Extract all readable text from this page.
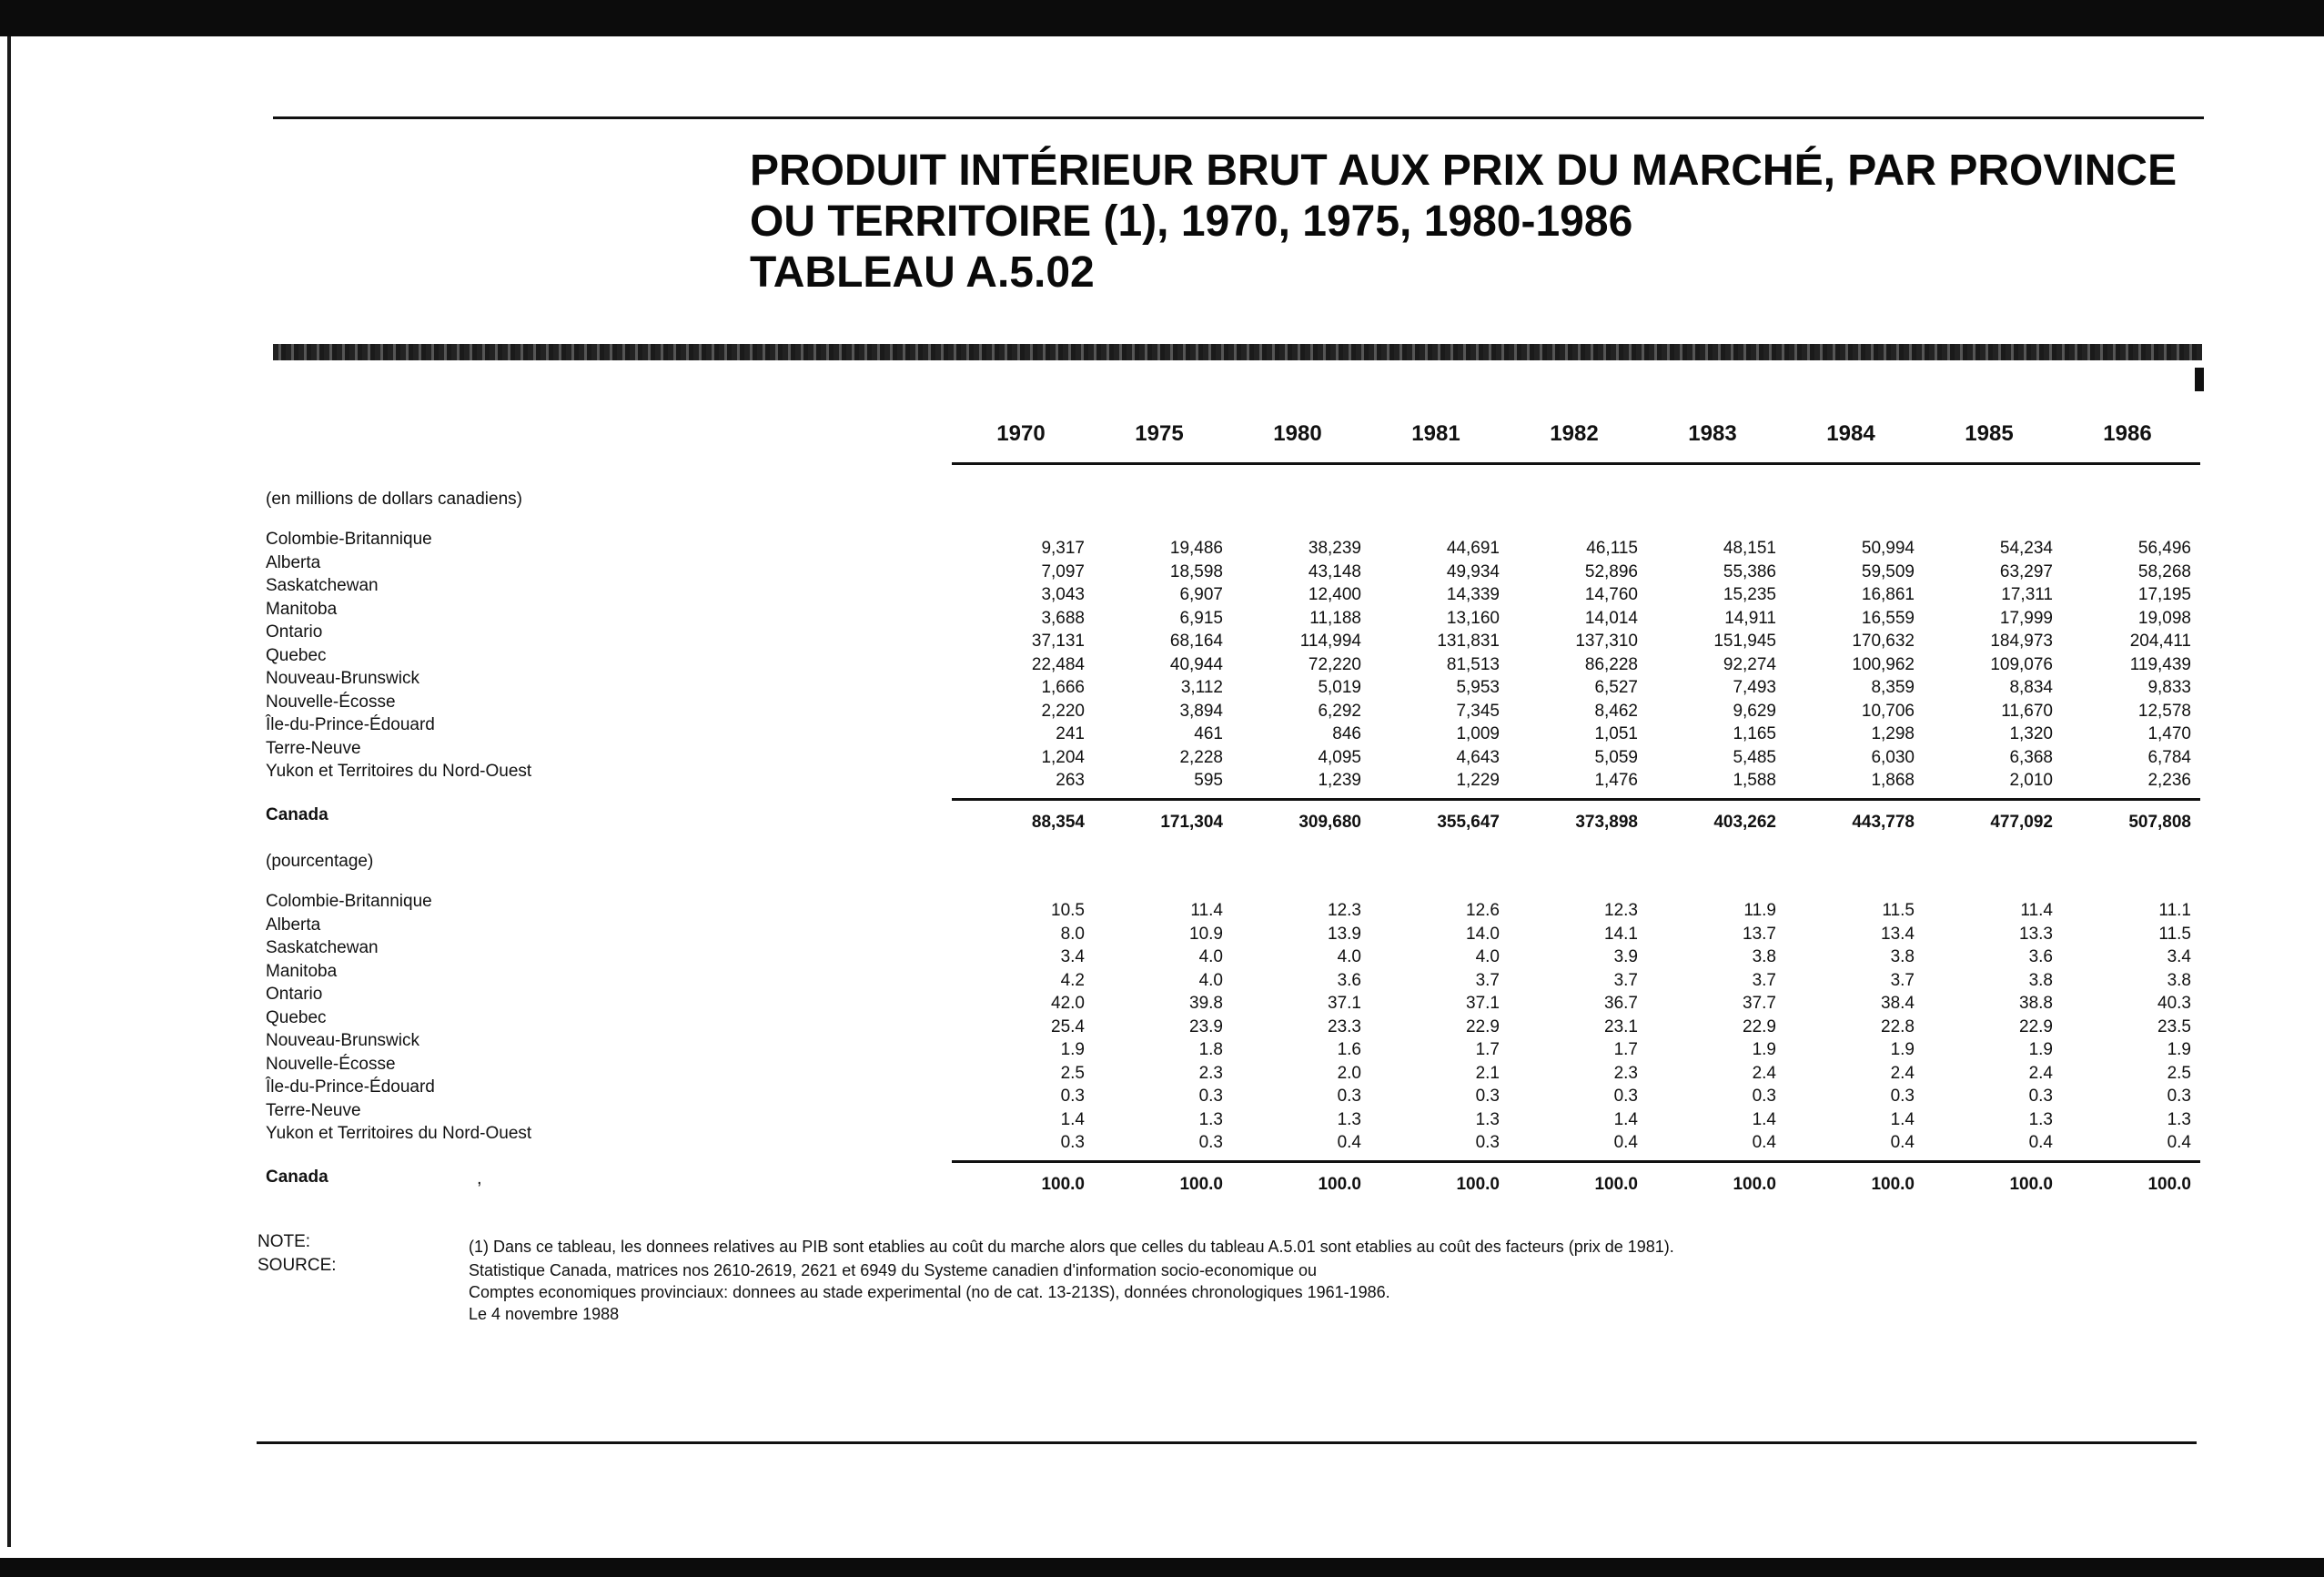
PRODUIT INTÉRIEUR BRUT AUX PRIX DU MARCHÉ, PAR PROVINCE
OU TERRITOIRE (1), 1970, 1975, 1980-1986
TABLEAU A.5.02
1970	1975	1980	1981	1982	1983	1984	1985	1986
(en millions de dollars canadiens)
Colombie-Britannique	9,317	19,486	38,239	44,691	46,115	48,151	50,994	54,234	56,496
Alberta	7,097	18,598	43,148	49,934	52,896	55,386	59,509	63,297	58,268
Saskatchewan	3,043	6,907	12,400	14,339	14,760	15,235	16,861	17,311	17,195
Manitoba	3,688	6,915	11,188	13,160	14,014	14,911	16,559	17,999	19,098
Ontario	37,131	68,164	114,994	131,831	137,310	151,945	170,632	184,973	204,411
Quebec	22,484	40,944	72,220	81,513	86,228	92,274	100,962	109,076	119,439
Nouveau-Brunswick	1,666	3,112	5,019	5,953	6,527	7,493	8,359	8,834	9,833
Nouvelle-Écosse	2,220	3,894	6,292	7,345	8,462	9,629	10,706	11,670	12,578
Île-du-Prince-Édouard	241	461	846	1,009	1,051	1,165	1,298	1,320	1,470
Terre-Neuve	1,204	2,228	4,095	4,643	5,059	5,485	6,030	6,368	6,784
Yukon et Territoires du Nord-Ouest	263	595	1,239	1,229	1,476	1,588	1,868	2,010	2,236
Canada	88,354	171,304	309,680	355,647	373,898	403,262	443,778	477,092	507,808
(pourcentage)
Colombie-Britannique	10.5	11.4	12.3	12.6	12.3	11.9	11.5	11.4	11.1
Alberta	8.0	10.9	13.9	14.0	14.1	13.7	13.4	13.3	11.5
Saskatchewan	3.4	4.0	4.0	4.0	3.9	3.8	3.8	3.6	3.4
Manitoba	4.2	4.0	3.6	3.7	3.7	3.7	3.7	3.8	3.8
Ontario	42.0	39.8	37.1	37.1	36.7	37.7	38.4	38.8	40.3
Quebec	25.4	23.9	23.3	22.9	23.1	22.9	22.8	22.9	23.5
Nouveau-Brunswick	1.9	1.8	1.6	1.7	1.7	1.9	1.9	1.9	1.9
Nouvelle-Écosse	2.5	2.3	2.0	2.1	2.3	2.4	2.4	2.4	2.5
Île-du-Prince-Édouard	0.3	0.3	0.3	0.3	0.3	0.3	0.3	0.3	0.3
Terre-Neuve	1.4	1.3	1.3	1.3	1.4	1.4	1.4	1.3	1.3
Yukon et Territoires du Nord-Ouest	0.3	0.3	0.4	0.3	0.4	0.4	0.4	0.4	0.4
Canada	100.0	100.0	100.0	100.0	100.0	100.0	100.0	100.0	100.0
NOTE:
SOURCE:
(1) Dans ce tableau, les donnees relatives au PIB sont etablies au coût du marche alors que celles du tableau A.5.01 sont etablies au coût des facteurs (prix de 1981).
Statistique Canada, matrices nos 2610-2619, 2621 et 6949 du Systeme canadien d'information socio-economique ou
Comptes economiques provinciaux: donnees au stade experimental (no de cat. 13-213S), données chronologiques 1961-1986.
Le 4 novembre 1988
,
